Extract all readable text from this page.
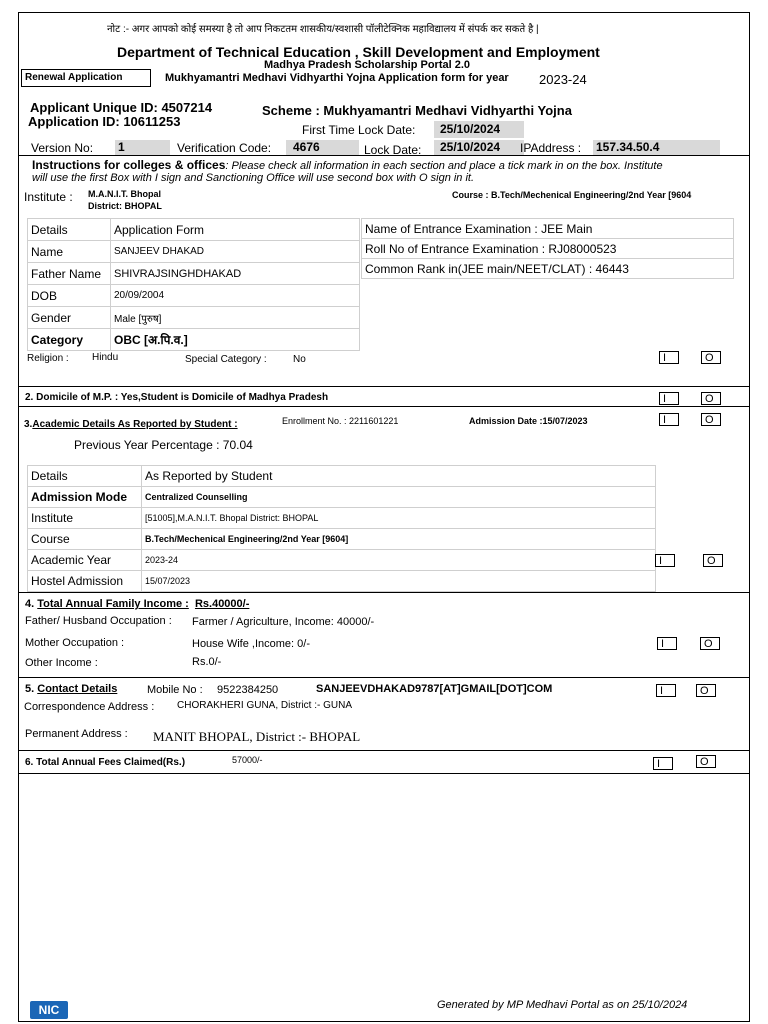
नोट :- अगर आपको कोई समस्या है तो आप निकटतम शासकीय/स्वशासी पॉलीटेक्निक महाविद्यालय में संपर्क कर सकते है |
Department of Technical Education , Skill Development and Employment
Madhya Pradesh Scholarship Portal 2.0
Renewal Application	Mukhyamantri Medhavi Vidhyarthi Yojna Application form for year 2023-24
Applicant Unique ID: 4507214
Application ID: 10611253
Scheme : Mukhyamantri Medhavi Vidhyarthi Yojna
First Time Lock Date:	25/10/2024
Version No: 1	Verification Code:	4676	Lock Date:	25/10/2024	IPAddress : 157.34.50.4
Instructions for colleges & offices: Please check all information in each section and place a tick mark in on the box. Institute
will use the first Box with I sign and Sanctioning Office will use second box with O sign in it.
Institute : M.A.N.I.T. Bhopal
District: BHOPAL
Course : B.Tech/Mechenical Engineering/2nd Year [9604
Details	Application Form
Name	SANJEEV DHAKAD
Father Name	SHIVRAJSINGHDHAKAD
DOB	20/09/2004
Gender	Male [पुरुष]
Category	OBC [अ.पि.व.]
Name of Entrance Examination : JEE Main
Roll No of Entrance Examination : RJ08000523
Common Rank in(JEE main/NEET/CLAT) : 46443
Religion : Hindu	Special Category :	No	I	O
2. Domicile of M.P. : Yes,Student is Domicile of Madhya Pradesh	I	O
3.Academic Details As Reported by Student :	Enrollment No. : 2211601221	Admission Date :15/07/2023	I	O
Previous Year Percentage : 70.04
Details	As Reported by Student
Admission Mode	Centralized Counselling
Institute	[51005],M.A.N.I.T. Bhopal District: BHOPAL
Course	B.Tech/Mechenical Engineering/2nd Year [9604]
Academic Year	2023-24
Hostel Admission	15/07/2023
I	O
4. Total Annual Family Income : Rs.40000/-
Father/ Husband Occupation : Farmer / Agriculture, Income: 40000/-
Mother Occupation :	House Wife ,Income: 0/-	I	O
Other Income :	Rs.0/-
5. Contact Details	Mobile No : 9522384250	SANJEEVDHAKAD9787[AT]GMAIL[DOT]COM	I	O
Correspondence Address : CHORAKHERI GUNA, District :- GUNA
Permanent Address : MANIT BHOPAL, District :- BHOPAL
6. Total Annual Fees Claimed(Rs.)	57000/-	I	O
NIC	Generated by MP Medhavi Portal as on 25/10/2024
